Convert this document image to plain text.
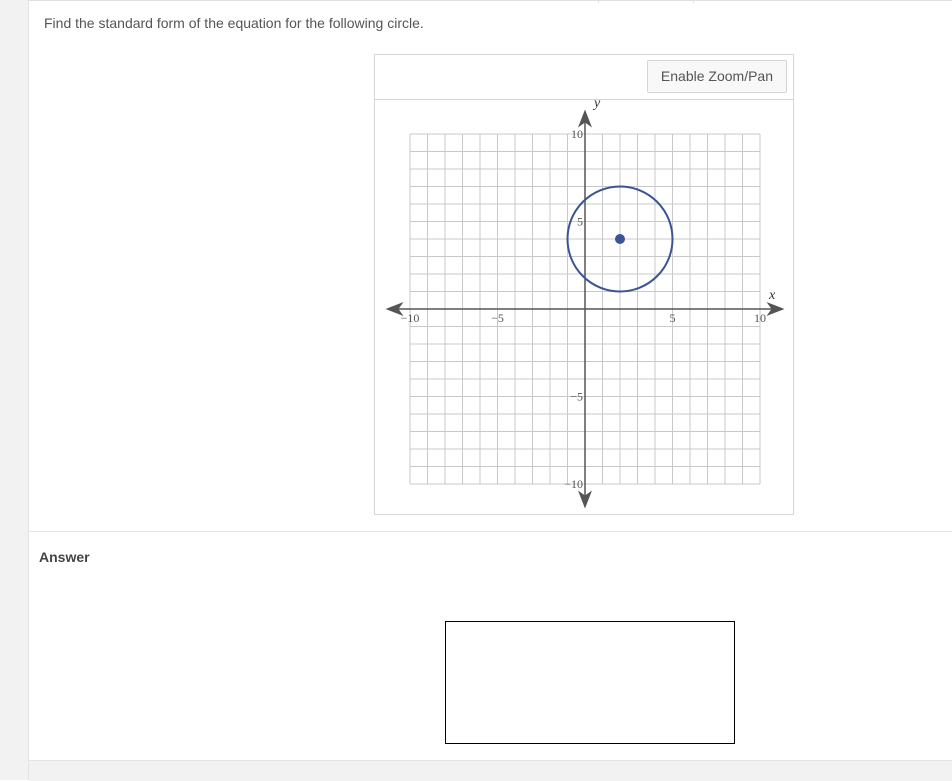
Find the standard form of the equation for the following circle.
Enable Zoom/Pan
x
y
−10	−5	5	10
10
5
−5
−10
Answer
